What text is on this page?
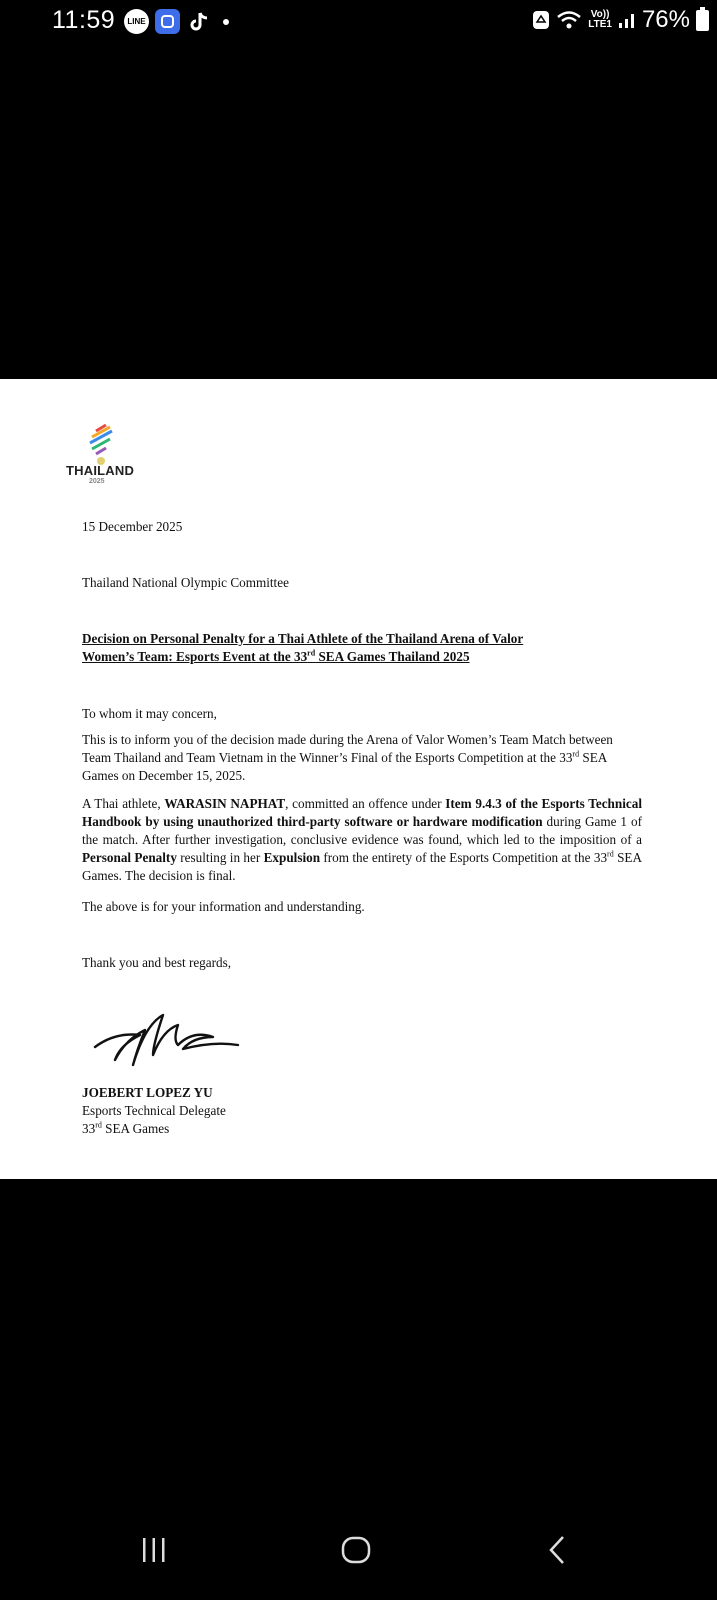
11:59	LINE
Vo))
LTE1 76%
THAILAND
2025

15 December 2025

Thailand National Olympic Committee

Decision on Personal Penalty for a Thai Athlete of the Thailand Arena of Valor
Women’s Team: Esports Event at the 33rd SEA Games Thailand 2025

To whom it may concern,

This is to inform you of the decision made during the Arena of Valor Women’s Team Match between Team Thailand and Team Vietnam in the Winner’s Final of the Esports Competition at the 33rd SEA Games on December 15, 2025.

A Thai athlete, WARASIN NAPHAT, committed an offence under Item 9.4.3 of the Esports Technical Handbook by using unauthorized third-party software or hardware modification during Game 1 of the match. After further investigation, conclusive evidence was found, which led to the imposition of a Personal Penalty resulting in her Expulsion from the entirety of the Esports Competition at the 33rd SEA Games. The decision is final.

The above is for your information and understanding.

Thank you and best regards,

JOEBERT LOPEZ YU

Esports Technical Delegate

33rd SEA Games
